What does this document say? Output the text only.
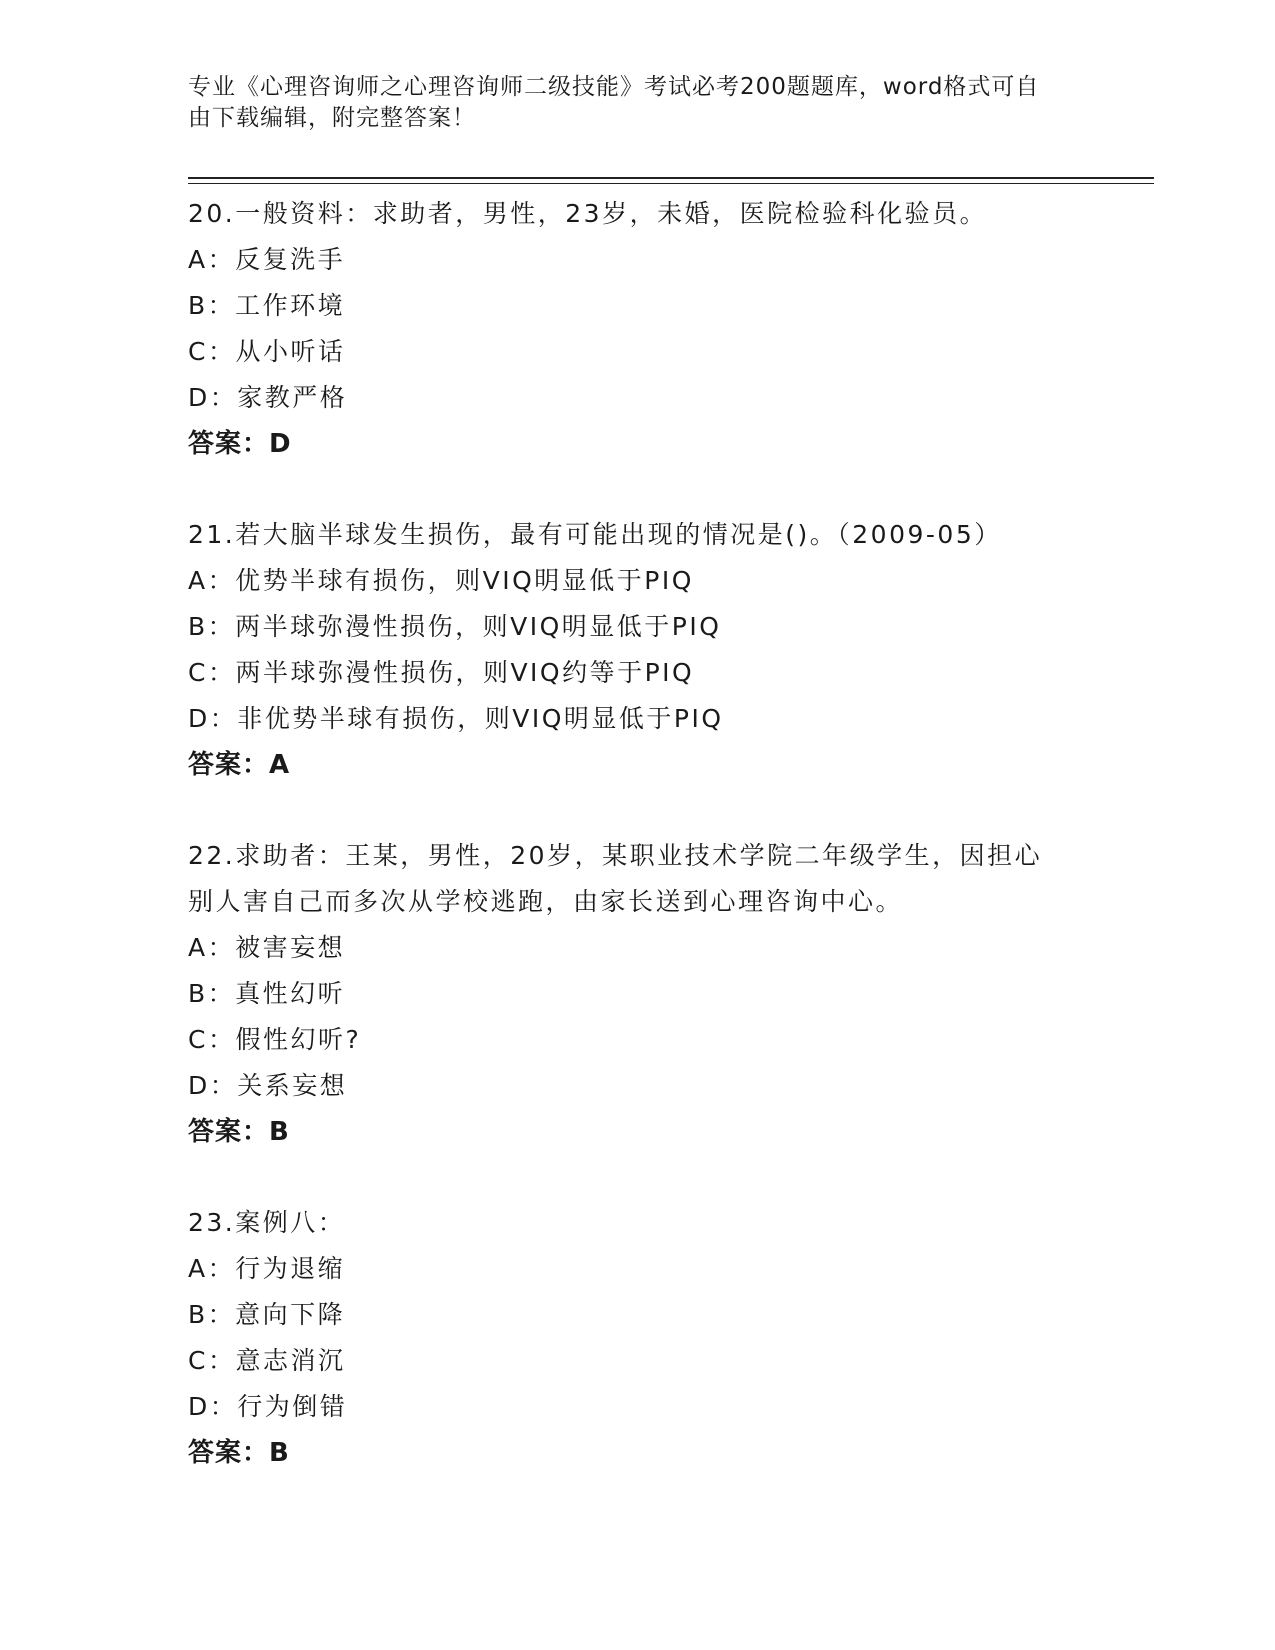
专业《心理咨询师之心理咨询师二级技能》考试必考200题题库，word格式可自

由下载编辑，附完整答案！

20.一般资料：求助者，男性，23岁，未婚，医院检验科化验员。

A：反复洗手

B：工作环境

C：从小听话

D：家教严格

答案：D

21.若大脑半球发生损伤，最有可能出现的情况是()。（2009-05）

A：优势半球有损伤，则VIQ明显低于PIQ

B：两半球弥漫性损伤，则VIQ明显低于PIQ

C：两半球弥漫性损伤，则VIQ约等于PIQ

D：非优势半球有损伤，则VIQ明显低于PIQ

答案：A

22.求助者：王某，男性，20岁，某职业技术学院二年级学生，因担心

别人害自己而多次从学校逃跑，由家长送到心理咨询中心。

A：被害妄想

B：真性幻听

C：假性幻听?

D：关系妄想

答案：B

23.案例八：

A：行为退缩

B：意向下降

C：意志消沉

D：行为倒错

答案：B
